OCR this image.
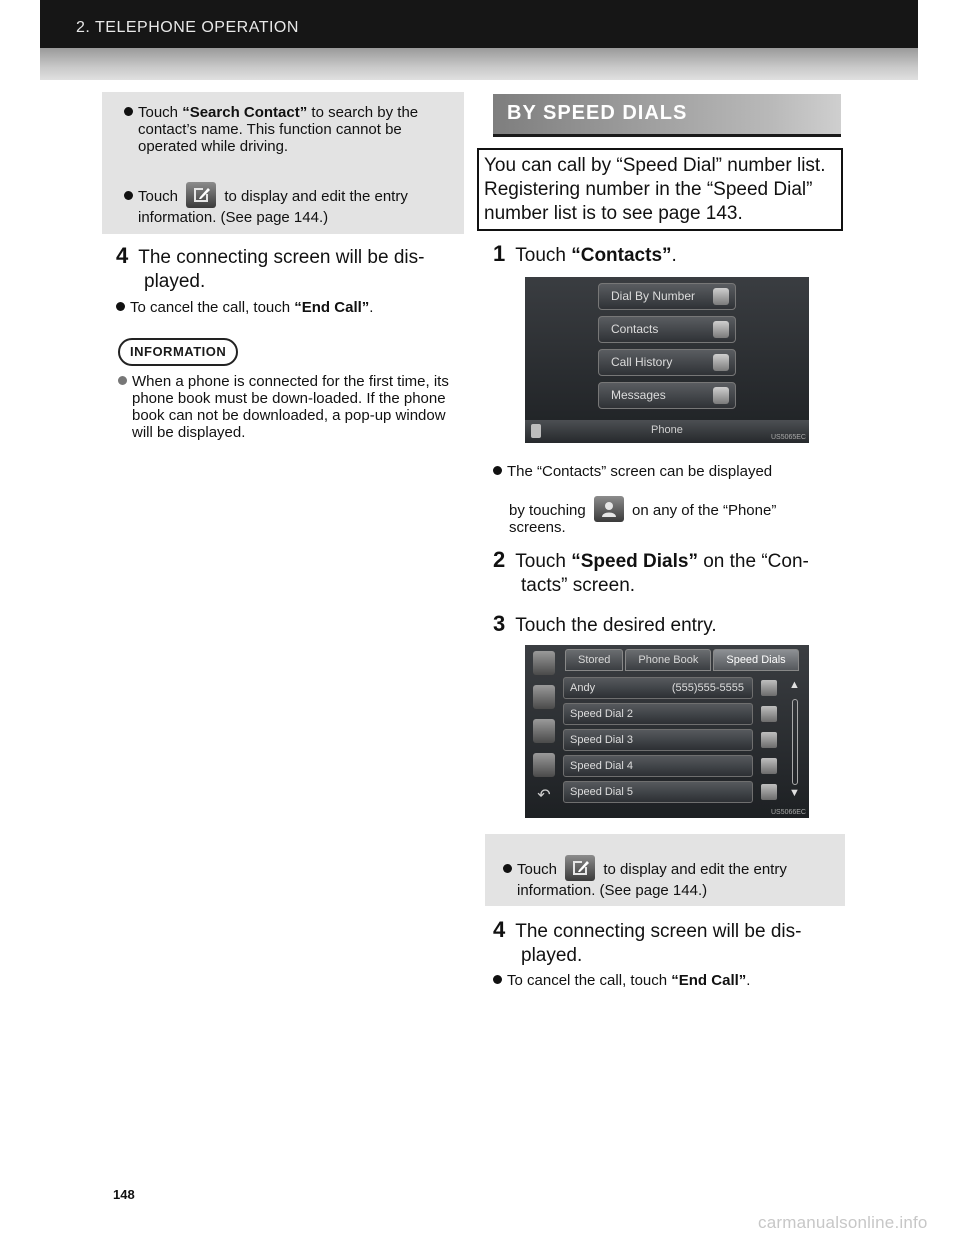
2. TELEPHONE OPERATION
Touch “Search Contact” to search by the contact’s name. This function cannot be operated while driving.
Touch	to display and edit the entry information. (See page 144.)
4 The connecting screen will be dis-
played.
To cancel the call, touch “End Call”.
INFORMATION
When a phone is connected for the first time, its phone book must be down-loaded. If the phone book can not be downloaded, a pop-up window will be displayed.
BY SPEED DIALS
You can call by “Speed Dial” number list. Registering number in the “Speed Dial” number list is to see page 143.
1 Touch “Contacts”.
Dial By Number
Contacts
Call History
Messages
Phone
US5065EC
The “Contacts” screen can be displayed
by touching	on any of the “Phone”
screens.
2 Touch “Speed Dials” on the “Con-
tacts” screen.
3 Touch the desired entry.
Stored	Phone Book	Speed Dials
↶
Andy	(555)555-5555
Speed Dial 2
Speed Dial 3
Speed Dial 4
Speed Dial 5
▲
▼
US5066EC
Touch	to display and edit the entry information. (See page 144.)
4 The connecting screen will be dis-
played.
To cancel the call, touch “End Call”.
148
carmanualsonline.info
